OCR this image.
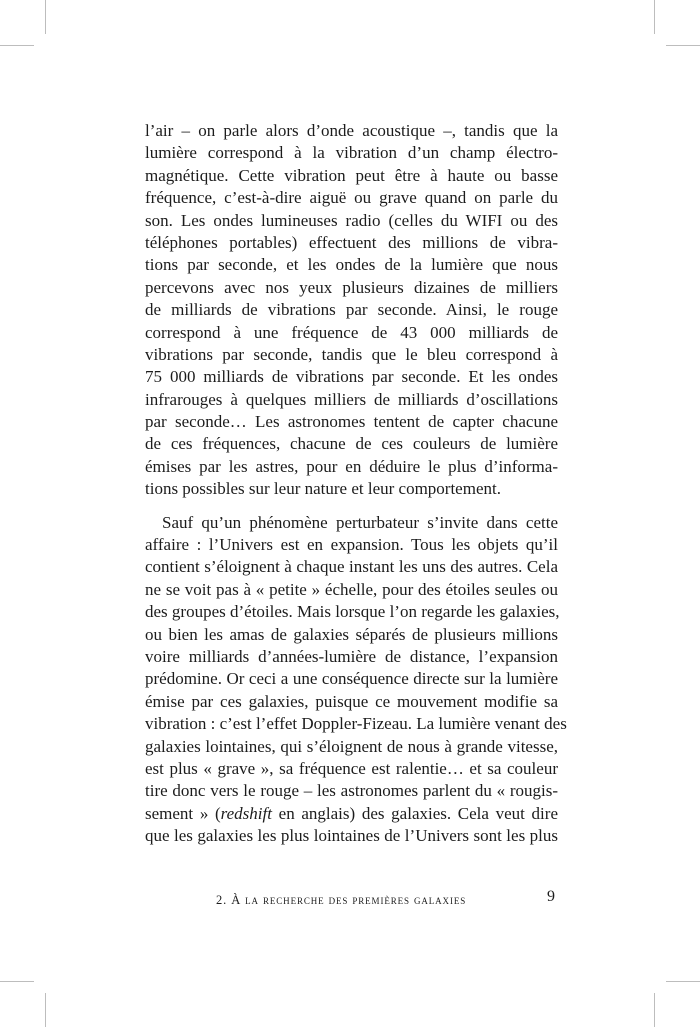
l’air – on parle alors d’onde acoustique –, tandis que la
lumière correspond à la vibration d’un champ électro-
magnétique. Cette vibration peut être à haute ou basse
fréquence, c’est-à-dire aiguë ou grave quand on parle du
son. Les ondes lumineuses radio (celles du WIFI ou des
téléphones portables) effectuent des millions de vibra-
tions par seconde, et les ondes de la lumière que nous
percevons avec nos yeux plusieurs dizaines de milliers
de milliards de vibrations par seconde. Ainsi, le rouge
correspond à une fréquence de 43 000 milliards de
vibrations par seconde, tandis que le bleu correspond à
75 000 milliards de vibrations par seconde. Et les ondes
infrarouges à quelques milliers de milliards d’oscillations
par seconde… Les astronomes tentent de capter chacune
de ces fréquences, chacune de ces couleurs de lumière
émises par les astres, pour en déduire le plus d’informa-
tions possibles sur leur nature et leur comportement.
Sauf qu’un phénomène perturbateur s’invite dans cette
affaire : l’Univers est en expansion. Tous les objets qu’il
contient s’éloignent à chaque instant les uns des autres. Cela
ne se voit pas à « petite » échelle, pour des étoiles seules ou
des groupes d’étoiles. Mais lorsque l’on regarde les galaxies,
ou bien les amas de galaxies séparés de plusieurs millions
voire milliards d’années-lumière de distance, l’expansion
prédomine. Or ceci a une conséquence directe sur la lumière
émise par ces galaxies, puisque ce mouvement modifie sa
vibration : c’est l’effet Doppler-Fizeau. La lumière venant des
galaxies lointaines, qui s’éloignent de nous à grande vitesse,
est plus « grave », sa fréquence est ralentie… et sa couleur
tire donc vers le rouge – les astronomes parlent du « rougis-
sement » (redshift en anglais) des galaxies. Cela veut dire
que les galaxies les plus lointaines de l’Univers sont les plus
2. À la recherche des premières galaxies	9
